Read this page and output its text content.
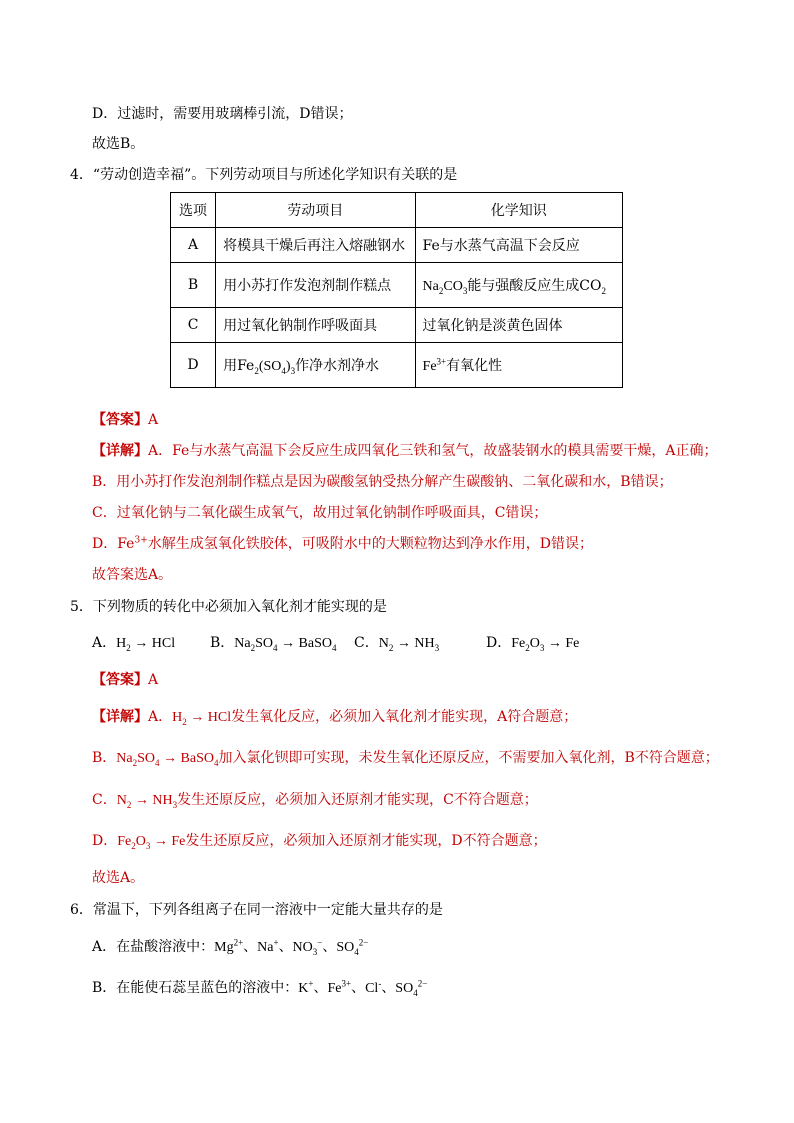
D．过滤时，需要用玻璃棒引流，D错误；
故选B。
4．“劳动创造幸福”。下列劳动项目与所述化学知识有关联的是
选项	劳动项目	化学知识
A	将模具干燥后再注入熔融钢水	Fe与水蒸气高温下会反应
B	用小苏打作发泡剂制作糕点	$Na_2CO_3$能与强酸反应生成$CO_2$
C	用过氧化钠制作呼吸面具	过氧化钠是淡黄色固体
D	用$Fe_2(SO_4)_3$作净水剂净水	$Fe^{3+}$有氧化性
【答案】A
【详解】A．Fe与水蒸气高温下会反应生成四氧化三铁和氢气，故盛装钢水的模具需要干燥，A正确；
B．用小苏打作发泡剂制作糕点是因为碳酸氢钠受热分解产生碳酸钠、二氧化碳和水，B错误；
C．过氧化钠与二氧化碳生成氧气，故用过氧化钠制作呼吸面具，C错误；
D．$Fe^{3+}$水解生成氢氧化铁胶体，可吸附水中的大颗粒物达到净水作用，D错误；
故答案选A。
5．下列物质的转化中必须加入氧化剂才能实现的是
A．$H_2$ → HCl B．$Na_2SO_4$ → BaSO$_4$ C．$N_2 \to NH_3$	D．$Fe_2O_3 \to Fe$
【答案】A
【详解】A．$H_2$ → HCl发生氧化反应，必须加入氧化剂才能实现，A符合题意；
B．$Na_2SO_4$ → BaSO$_4$加入氯化钡即可实现，未发生氧化还原反应，不需要加入氧化剂，B不符合题意；
C．$N_2 \to NH_3$发生还原反应，必须加入还原剂才能实现，C不符合题意；
D．$Fe_2O_3 \to Fe$发生还原反应，必须加入还原剂才能实现，D不符合题意；
故选A。
6．常温下，下列各组离子在同一溶液中一定能大量共存的是
A．在盐酸溶液中：$Mg^{2+}$、Na+、$NO_3^-$、$SO_4^{2-}$
B．在能使石蕊呈蓝色的溶液中：K+、$Fe^{3+}$、Cl-、$SO_4^{2-}$
